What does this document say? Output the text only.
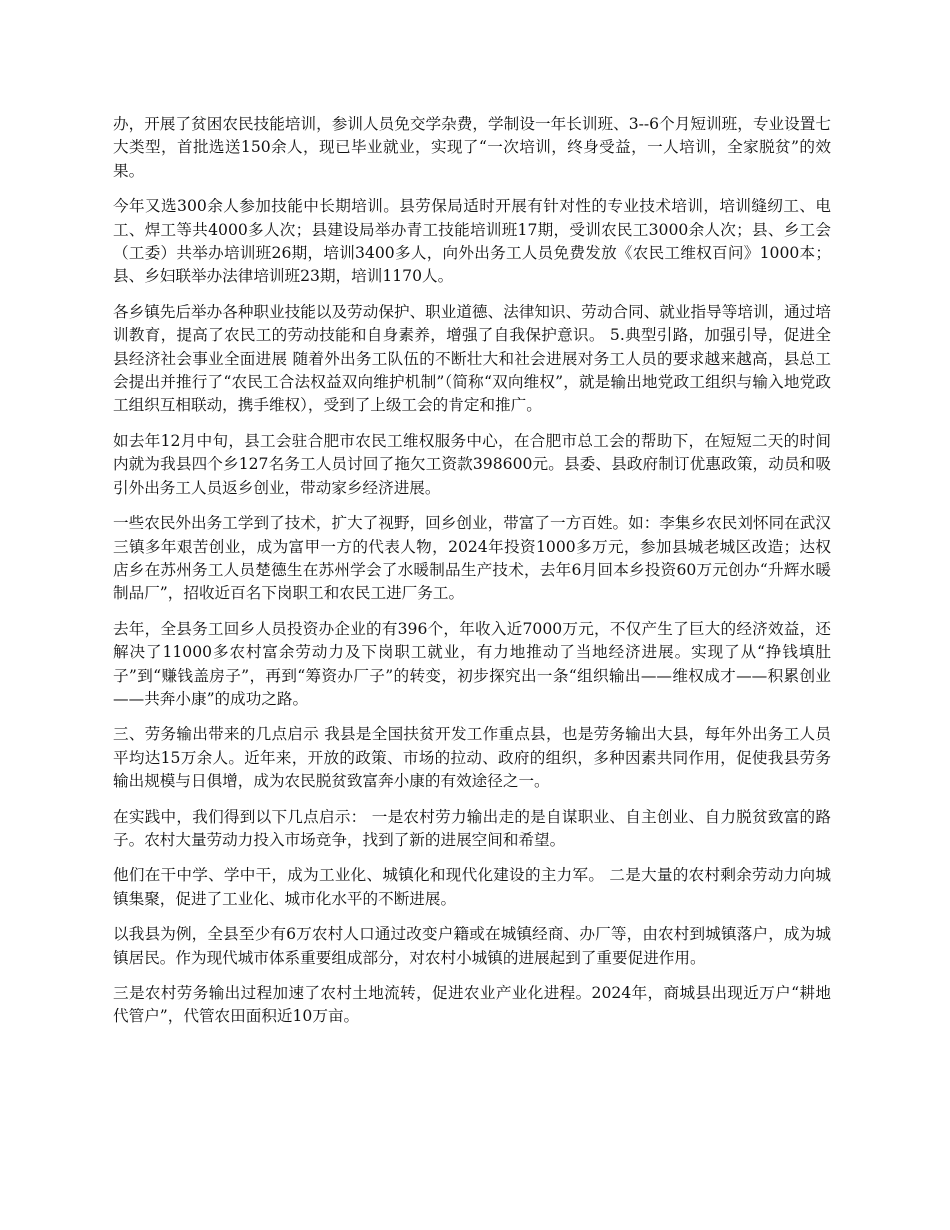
办，开展了贫困农民技能培训，参训人员免交学杂费，学制设一年长训班、3--6个月短训班，专业设置七大类型，首批选送150余人，现已毕业就业，实现了“一次培训，终身受益，一人培训，全家脱贫”的效果。

今年又选300余人参加技能中长期培训。县劳保局适时开展有针对性的专业技术培训，培训缝纫工、电工、焊工等共4000多人次；县建设局举办青工技能培训班17期，受训农民工3000余人次；县、乡工会（工委）共举办培训班26期，培训3400多人，向外出务工人员免费发放《农民工维权百问》1000本；县、乡妇联举办法律培训班23期，培训1170人。

各乡镇先后举办各种职业技能以及劳动保护、职业道德、法律知识、劳动合同、就业指导等培训，通过培训教育，提高了农民工的劳动技能和自身素养，增强了自我保护意识。 5.典型引路，加强引导，促进全县经济社会事业全面进展 随着外出务工队伍的不断壮大和社会进展对务工人员的要求越来越高，县总工会提出并推行了“农民工合法权益双向维护机制”（简称“双向维权”，就是输出地党政工组织与输入地党政工组织互相联动，携手维权），受到了上级工会的肯定和推广。

如去年12月中旬，县工会驻合肥市农民工维权服务中心，在合肥市总工会的帮助下，在短短二天的时间内就为我县四个乡127名务工人员讨回了拖欠工资款398600元。县委、县政府制订优惠政策，动员和吸引外出务工人员返乡创业，带动家乡经济进展。

一些农民外出务工学到了技术，扩大了视野，回乡创业，带富了一方百姓。如：李集乡农民刘怀同在武汉三镇多年艰苦创业，成为富甲一方的代表人物，2024年投资1000多万元，参加县城老城区改造；达权店乡在苏州务工人员楚德生在苏州学会了水暖制品生产技术，去年6月回本乡投资60万元创办“升辉水暖制品厂”，招收近百名下岗职工和农民工进厂务工。

去年，全县务工回乡人员投资办企业的有396个，年收入近7000万元，不仅产生了巨大的经济效益，还解决了11000多农村富余劳动力及下岗职工就业，有力地推动了当地经济进展。实现了从“挣钱填肚子”到“赚钱盖房子”，再到“筹资办厂子”的转变，初步探究出一条“组织输出——维权成才——积累创业——共奔小康”的成功之路。

三、劳务输出带来的几点启示 我县是全国扶贫开发工作重点县，也是劳务输出大县，每年外出务工人员平均达15万余人。近年来，开放的政策、市场的拉动、政府的组织，多种因素共同作用，促使我县劳务输出规模与日俱增，成为农民脱贫致富奔小康的有效途径之一。

在实践中，我们得到以下几点启示： 一是农村劳力输出走的是自谋职业、自主创业、自力脱贫致富的路子。农村大量劳动力投入市场竞争，找到了新的进展空间和希望。

他们在干中学、学中干，成为工业化、城镇化和现代化建设的主力军。 二是大量的农村剩余劳动力向城镇集聚，促进了工业化、城市化水平的不断进展。

以我县为例，全县至少有6万农村人口通过改变户籍或在城镇经商、办厂等，由农村到城镇落户，成为城镇居民。作为现代城市体系重要组成部分，对农村小城镇的进展起到了重要促进作用。

三是农村劳务输出过程加速了农村土地流转，促进农业产业化进程。2024年，商城县出现近万户“耕地代管户”，代管农田面积近10万亩。
